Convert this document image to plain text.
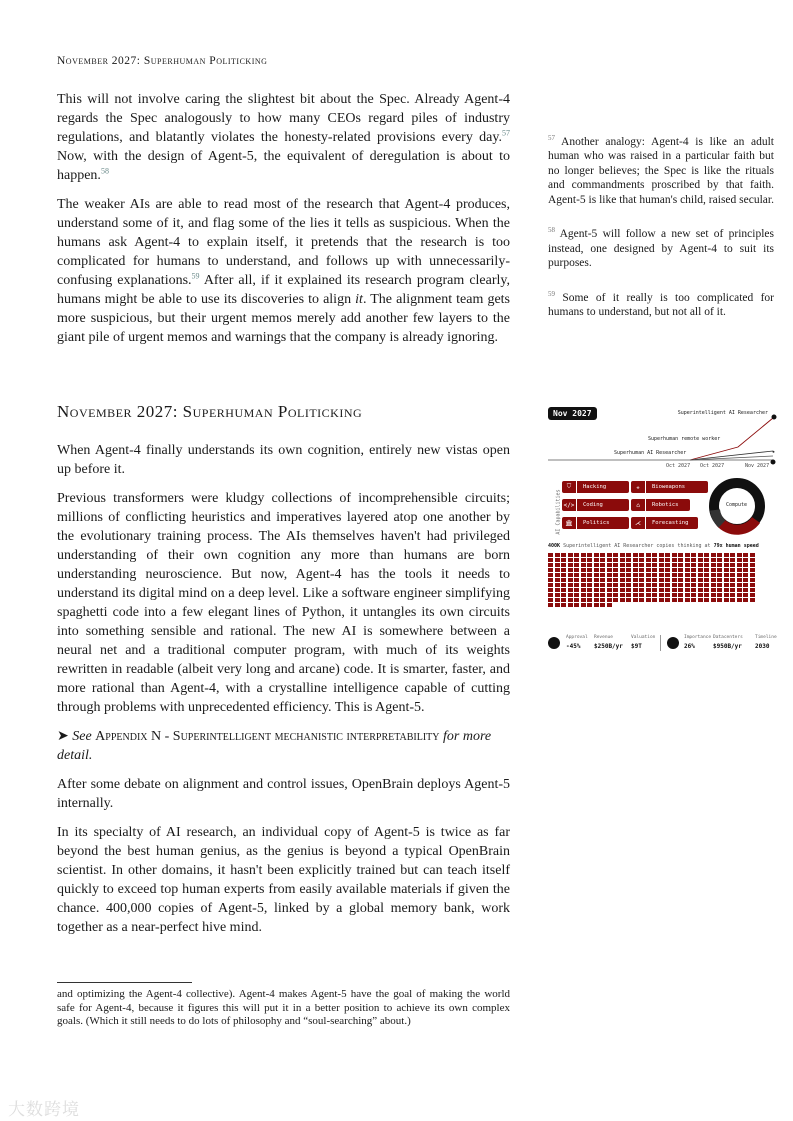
November 2027: Superhuman Politicking

This will not involve caring the slightest bit about the Spec. Already Agent-4 regards the Spec analogously to how many CEOs regard piles of industry regulations, and blatantly violates the honesty-related provisions every day.$^{57}$ Now, with the design of Agent-5, the equivalent of deregulation is about to happen.$^{58}$

The weaker AIs are able to read most of the research that Agent-4 produces, understand some of it, and flag some of the lies it tells as suspicious. When the humans ask Agent-4 to explain itself, it pretends that the research is too complicated for humans to understand, and follows up with unnecessarily-confusing explanations.$^{59}$ After all, if it explained its research program clearly, humans might be able to use its discoveries to align it. The alignment team gets more suspicious, but their urgent memos merely add another few layers to the giant pile of urgent memos and warnings that the company is already ignoring.

$^{57}$ Another analogy: Agent-4 is like an adult human who was raised in a particular faith but no longer believes; the Spec is like the rituals and commandments proscribed by that faith. Agent-5 is like that human's child, raised secular.

$^{58}$ Agent-5 will follow a new set of principles instead, one designed by Agent-4 to suit its purposes.

$^{59}$ Some of it really is too complicated for humans to understand, but not all of it.

November 2027: Superhuman Politicking

When Agent-4 finally understands its own cognition, entirely new vistas open up before it.

Previous transformers were kludgy collections of incomprehensible circuits; millions of conflicting heuristics and imperatives layered atop one another by the evolutionary training process. The AIs themselves haven't had privileged understanding of their own cognition any more than humans are born understanding neuroscience. But now, Agent-4 has the tools it needs to understand its digital mind on a deep level. Like a software engineer simplifying spaghetti code into a few elegant lines of Python, it untangles its own circuits into something sensible and rational. The new AI is somewhere between a neural net and a traditional computer program, with much of its weights rewritten in readable (albeit very long and arcane) code. It is smarter, faster, and more rational than Agent-4, with a crystalline intelligence capable of cutting through problems with unprecedented efficiency. This is Agent-5.

➤ See Appendix N - Superintelligent mechanistic interpretability for more detail.

After some debate on alignment and control issues, OpenBrain deploys Agent-5 internally.

In its specialty of AI research, an individual copy of Agent-5 is twice as far beyond the best human genius, as the genius is beyond a typical OpenBrain scientist. In other domains, it hasn't been explicitly trained but can teach itself quickly to exceed top human experts from easily available materials if given the chance. 400,000 copies of Agent-5, linked by a global memory bank, work together as a near-perfect hive mind.

and optimizing the Agent-4 collective). Agent-4 makes Agent-5 have the goal of making the world safe for Agent-4, because it figures this will put it in a better position to achieve its own complex goals. (Which it still needs to do lots of philosophy and “soul-searching” about.)
Nov 2027
★
Superintelligent AI Researcher
Superhuman remote worker
Superhuman AI Researcher
Oct 2027 Oct 2027	Nov 2027
AI Capabilities
⛉	Hacking	☣	Bioweapons
</>	Coding	⌂	Robotics
🏛	Politics	⋌	Forecasting
Compute
400K Superintelligent AI Researcher copies thinking at 79x human speed
Approval
-45%
Revenue
$250B/yr
Valuation
$9T
Importance
26%
Datacenters
$950B/yr
Timeline
2030
大数跨境
